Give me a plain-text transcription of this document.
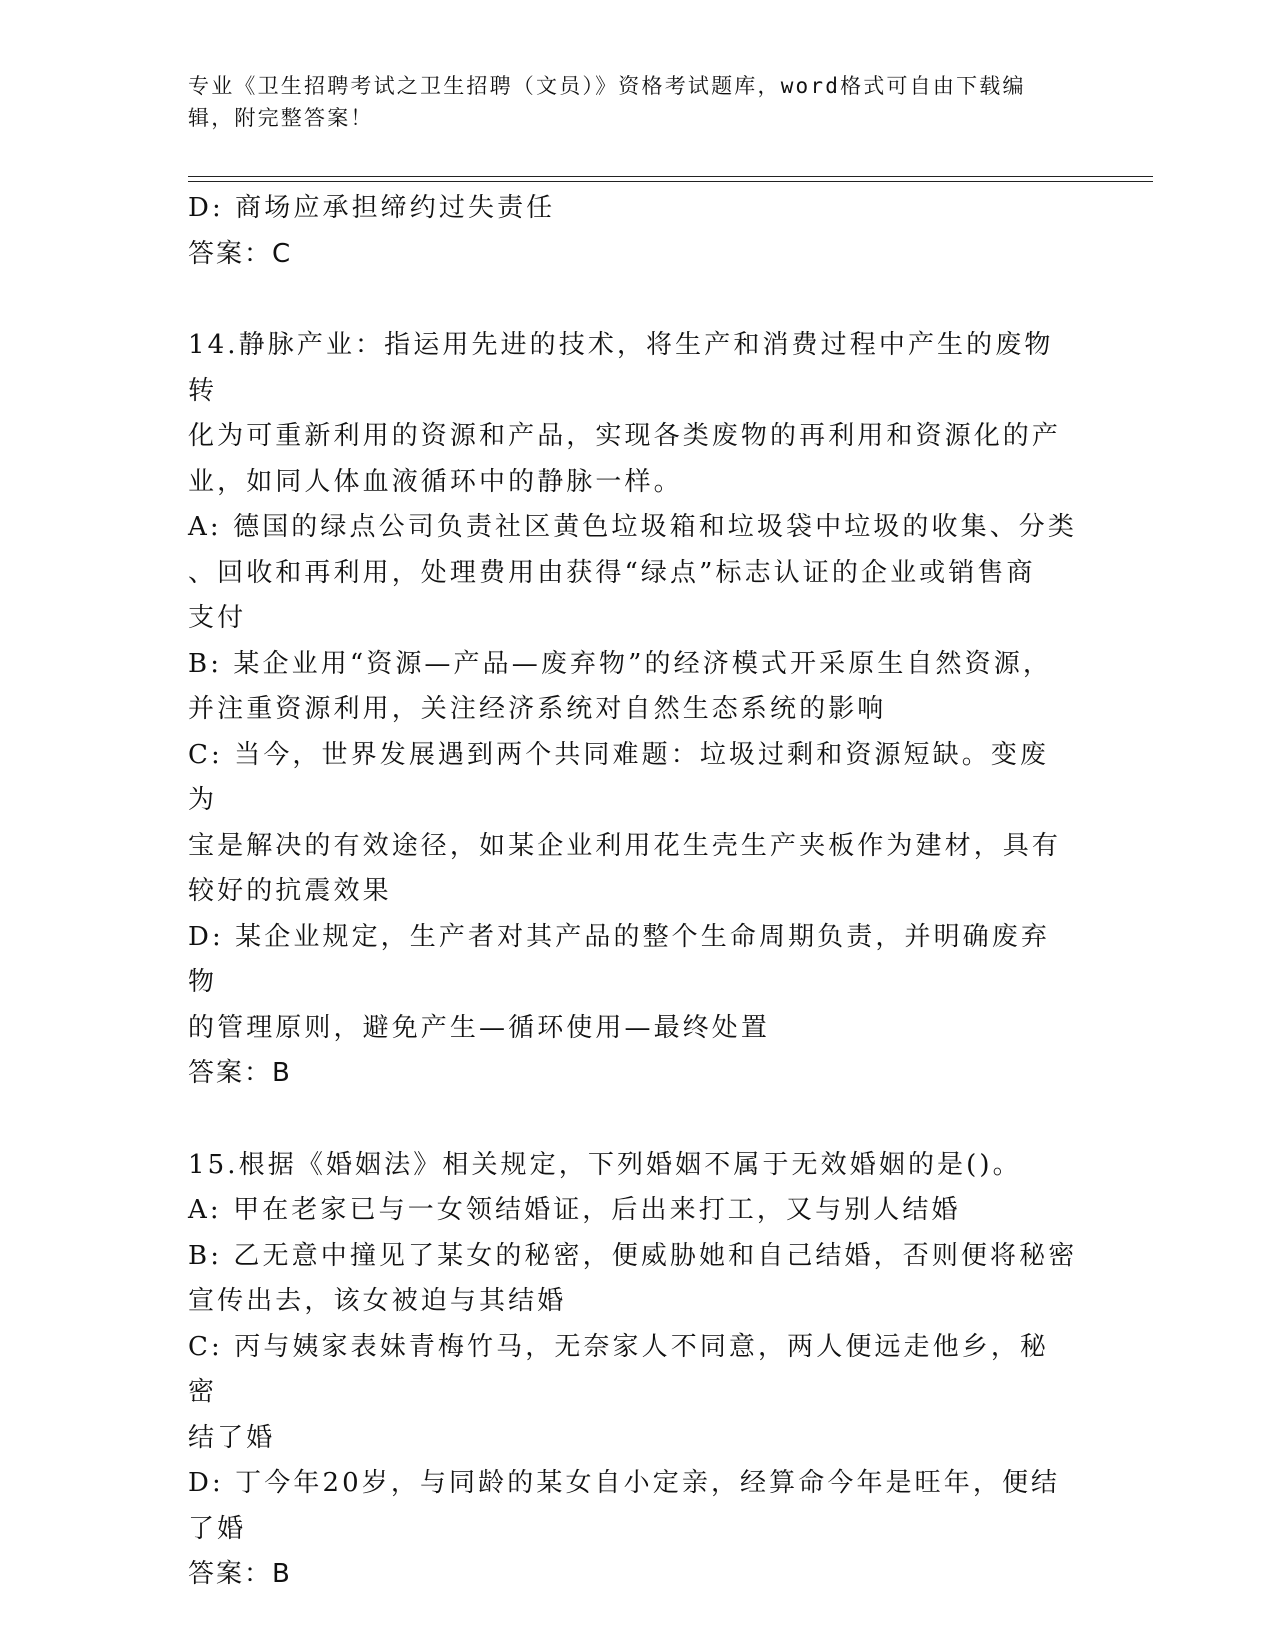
专业《卫生招聘考试之卫生招聘（文员）》资格考试题库，word格式可自由下载编辑，附完整答案！
D: 商场应承担缔约过失责任
答案：C
14.静脉产业：指运用先进的技术，将生产和消费过程中产生的废物转
化为可重新利用的资源和产品，实现各类废物的再利用和资源化的产
业，如同人体血液循环中的静脉一样。
A: 德国的绿点公司负责社区黄色垃圾箱和垃圾袋中垃圾的收集、分类
、回收和再利用，处理费用由获得“绿点”标志认证的企业或销售商
支付
B: 某企业用“资源—产品—废弃物”的经济模式开采原生自然资源，
并注重资源利用，关注经济系统对自然生态系统的影响
C: 当今，世界发展遇到两个共同难题：垃圾过剩和资源短缺。变废为
宝是解决的有效途径，如某企业利用花生壳生产夹板作为建材，具有
较好的抗震效果
D: 某企业规定，生产者对其产品的整个生命周期负责，并明确废弃物
的管理原则，避免产生—循环使用—最终处置
答案：B
15.根据《婚姻法》相关规定，下列婚姻不属于无效婚姻的是()。
A: 甲在老家已与一女领结婚证，后出来打工，又与别人结婚
B: 乙无意中撞见了某女的秘密，便威胁她和自己结婚，否则便将秘密
宣传出去，该女被迫与其结婚
C: 丙与姨家表妹青梅竹马，无奈家人不同意，两人便远走他乡，秘密
结了婚
D: 丁今年20岁，与同龄的某女自小定亲，经算命今年是旺年，便结
了婚
答案：B
